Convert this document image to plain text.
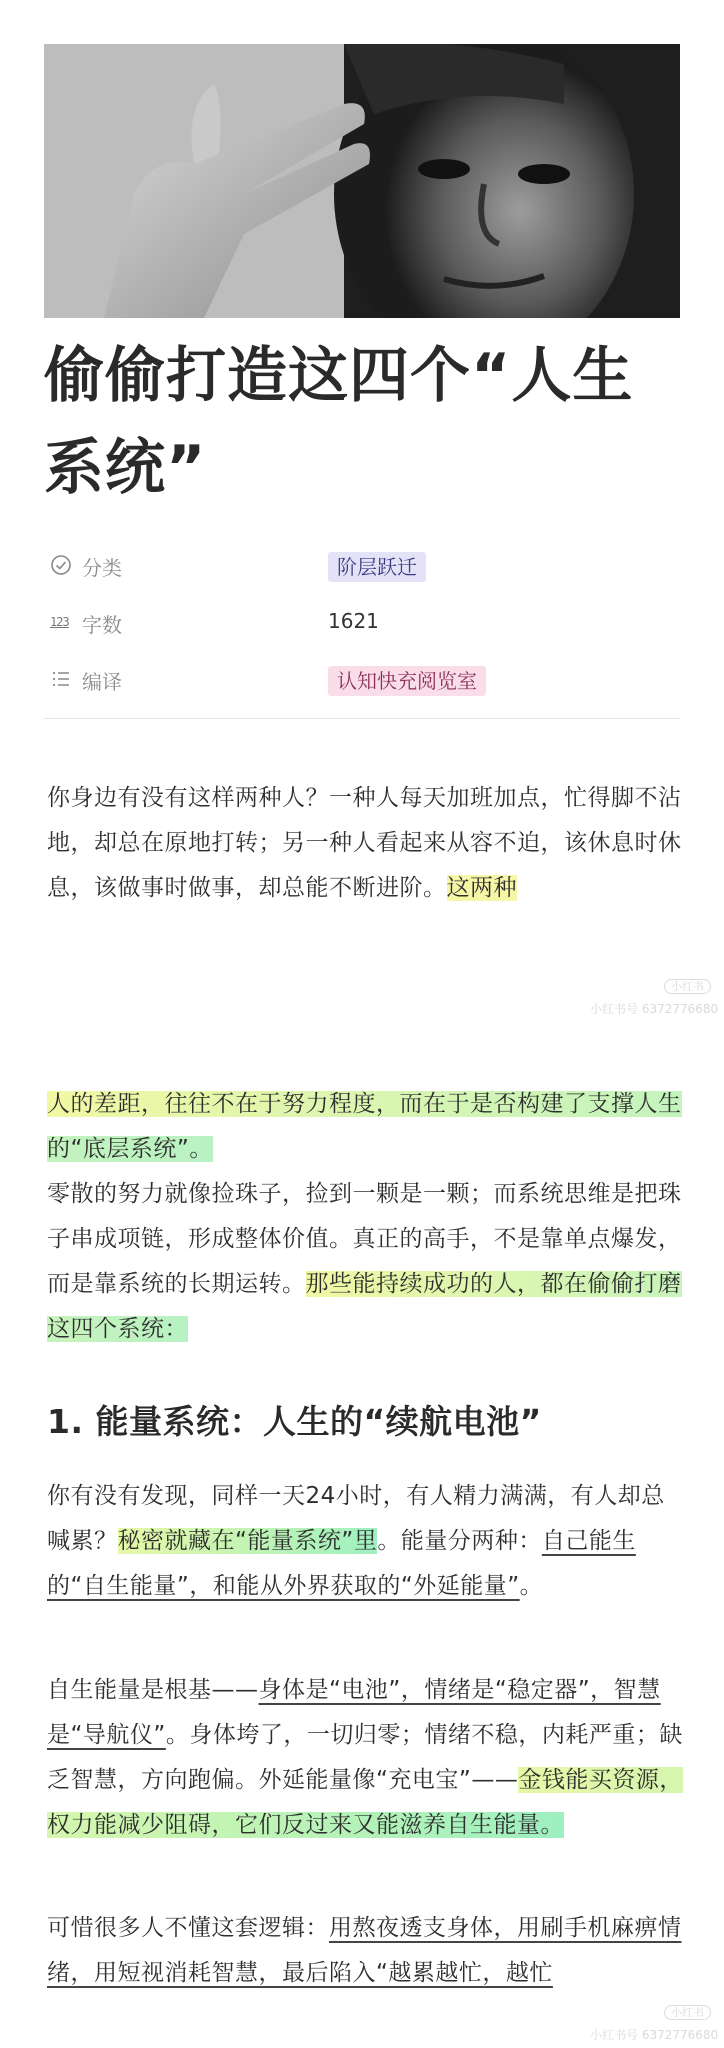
偷偷打造这四个“人生系统”
分类	阶层跃迁
123 字数	1621
编译	认知快充阅览室

你身边有没有这样两种人？一种人每天加班加点，忙得脚不沾地，却总在原地打转；另一种人看起来从容不迫，该休息时休息，该做事时做事，却总能不断进阶。这两种

小红书
小红书号 6372776680

人的差距，往往不在于努力程度，而在于是否构建了支撑人生的“底层系统”。

零散的努力就像捡珠子，捡到一颗是一颗；而系统思维是把珠子串成项链，形成整体价值。真正的高手，不是靠单点爆发，而是靠系统的长期运转。那些能持续成功的人，都在偷偷打磨这四个系统：

1. 能量系统：人生的“续航电池”

你有没有发现，同样一天24小时，有人精力满满，有人却总喊累？秘密就藏在“能量系统”里。能量分两种：自己能生的“自生能量”，和能从外界获取的“外延能量”。

自生能量是根基——身体是“电池”，情绪是“稳定器”，智慧是“导航仪”。身体垮了，一切归零；情绪不稳，内耗严重；缺乏智慧，方向跑偏。外延能量像“充电宝”——金钱能买资源，权力能减少阻碍，它们反过来又能滋养自生能量。

可惜很多人不懂这套逻辑：用熬夜透支身体，用刷手机麻痹情绪，用短视消耗智慧，最后陷入“越累越忙，越忙

小红书
小红书号 6372776680
